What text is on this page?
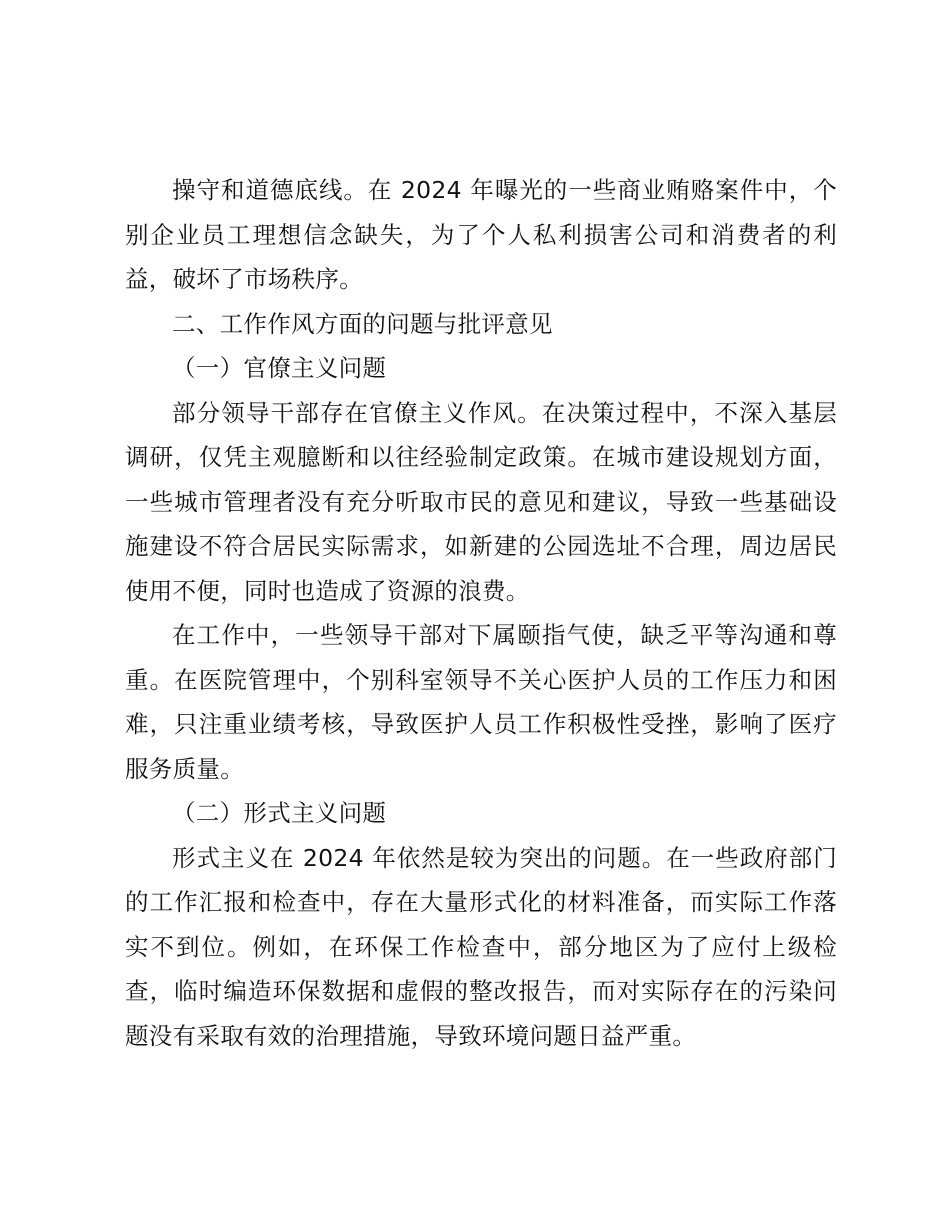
操守和道德底线。在 2024 年曝光的一些商业贿赂案件中，个别企业员工理想信念缺失，为了个人私利损害公司和消费者的利益，破坏了市场秩序。

二、工作作风方面的问题与批评意见

（一）官僚主义问题

部分领导干部存在官僚主义作风。在决策过程中，不深入基层调研，仅凭主观臆断和以往经验制定政策。在城市建设规划方面，一些城市管理者没有充分听取市民的意见和建议，导致一些基础设施建设不符合居民实际需求，如新建的公园选址不合理，周边居民使用不便，同时也造成了资源的浪费。

在工作中，一些领导干部对下属颐指气使，缺乏平等沟通和尊重。在医院管理中，个别科室领导不关心医护人员的工作压力和困难，只注重业绩考核，导致医护人员工作积极性受挫，影响了医疗服务质量。

（二）形式主义问题

形式主义在 2024 年依然是较为突出的问题。在一些政府部门的工作汇报和检查中，存在大量形式化的材料准备，而实际工作落实不到位。例如，在环保工作检查中，部分地区为了应付上级检查，临时编造环保数据和虚假的整改报告，而对实际存在的污染问题没有采取有效的治理措施，导致环境问题日益严重。
